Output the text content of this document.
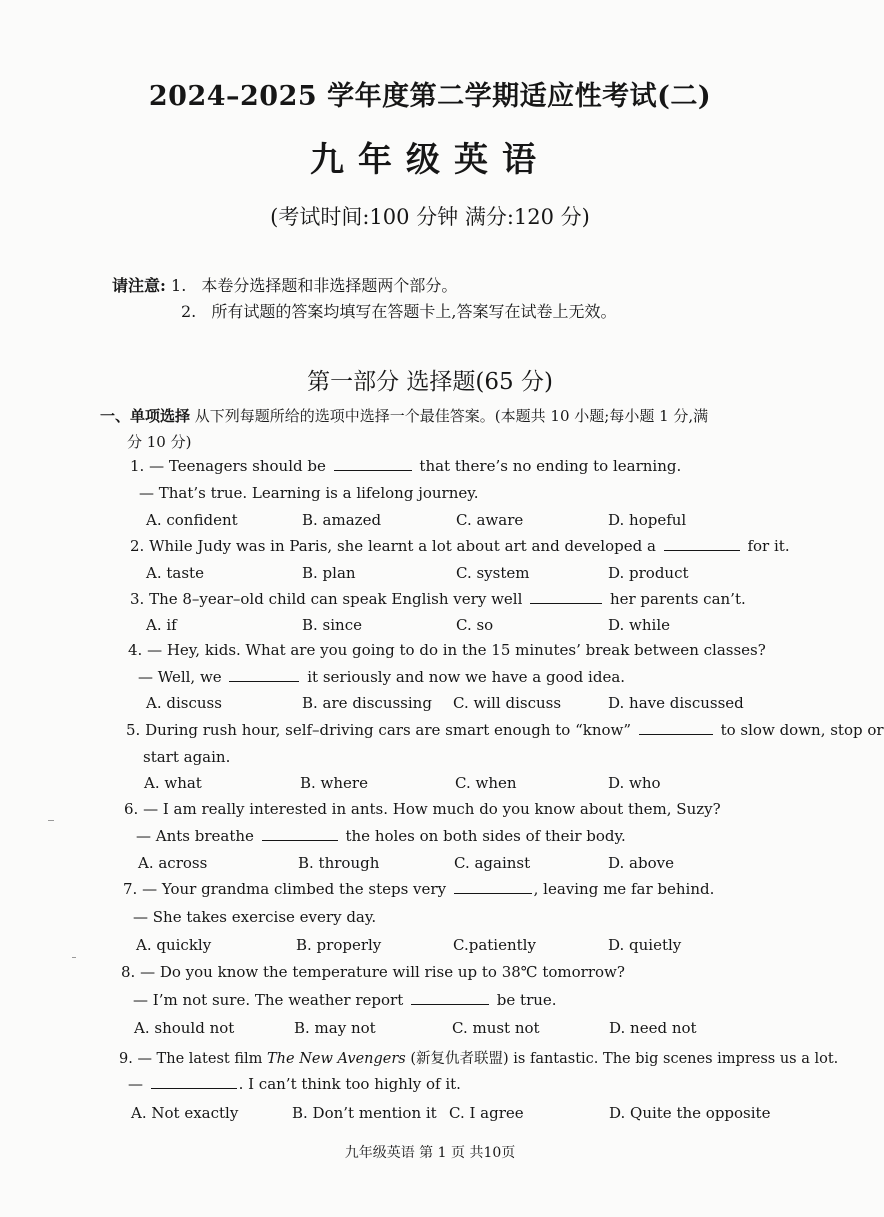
2024–2025 学年度第二学期适应性考试(二)
九年级英语
(考试时间:100 分钟 满分:120 分)
请注意: 1. 本卷分选择题和非选择题两个部分。
2. 所有试题的答案均填写在答题卡上,答案写在试卷上无效。
第一部分 选择题(65 分)
一、单项选择 从下列每题所给的选项中选择一个最佳答案。(本题共 10 小题;每小题 1 分,满
分 10 分)
1. — Teenagers should be	that there’s no ending to learning.
— That’s true. Learning is a lifelong journey.
A. confident	B. amazed	C. aware	D. hopeful
2. While Judy was in Paris, she learnt a lot about art and developed a	for it.
A. taste	B. plan	C. system	D. product
3. The 8–year–old child can speak English very well	her parents can’t.
A. if	B. since	C. so	D. while
4. — Hey, kids. What are you going to do in the 15 minutes’ break between classes?
— Well, we	it seriously and now we have a good idea.
A. discuss	B. are discussing C. will discuss	D. have discussed
5. During rush hour, self–driving cars are smart enough to “know”	to slow down, stop or
start again.
A. what	B. where	C. when	D. who
6. — I am really interested in ants. How much do you know about them, Suzy?
— Ants breathe	the holes on both sides of their body.
A. across	B. through	C. against	D. above
7. — Your grandma climbed the steps very	, leaving me far behind.
— She takes exercise every day.
A. quickly	B. properly	C.patiently	D. quietly
8. — Do you know the temperature will rise up to 38℃ tomorrow?
— I’m not sure. The weather report	be true.
A. should not	B. may not	C. must not	D. need not
9. — The latest film The New Avengers (新复仇者联盟) is fantastic. The big scenes impress us a lot.
—	. I can’t think too highly of it.
A. Not exactly	B. Don’t mention it C. I agree	D. Quite the opposite
九年级英语 第 1 页 共10页
